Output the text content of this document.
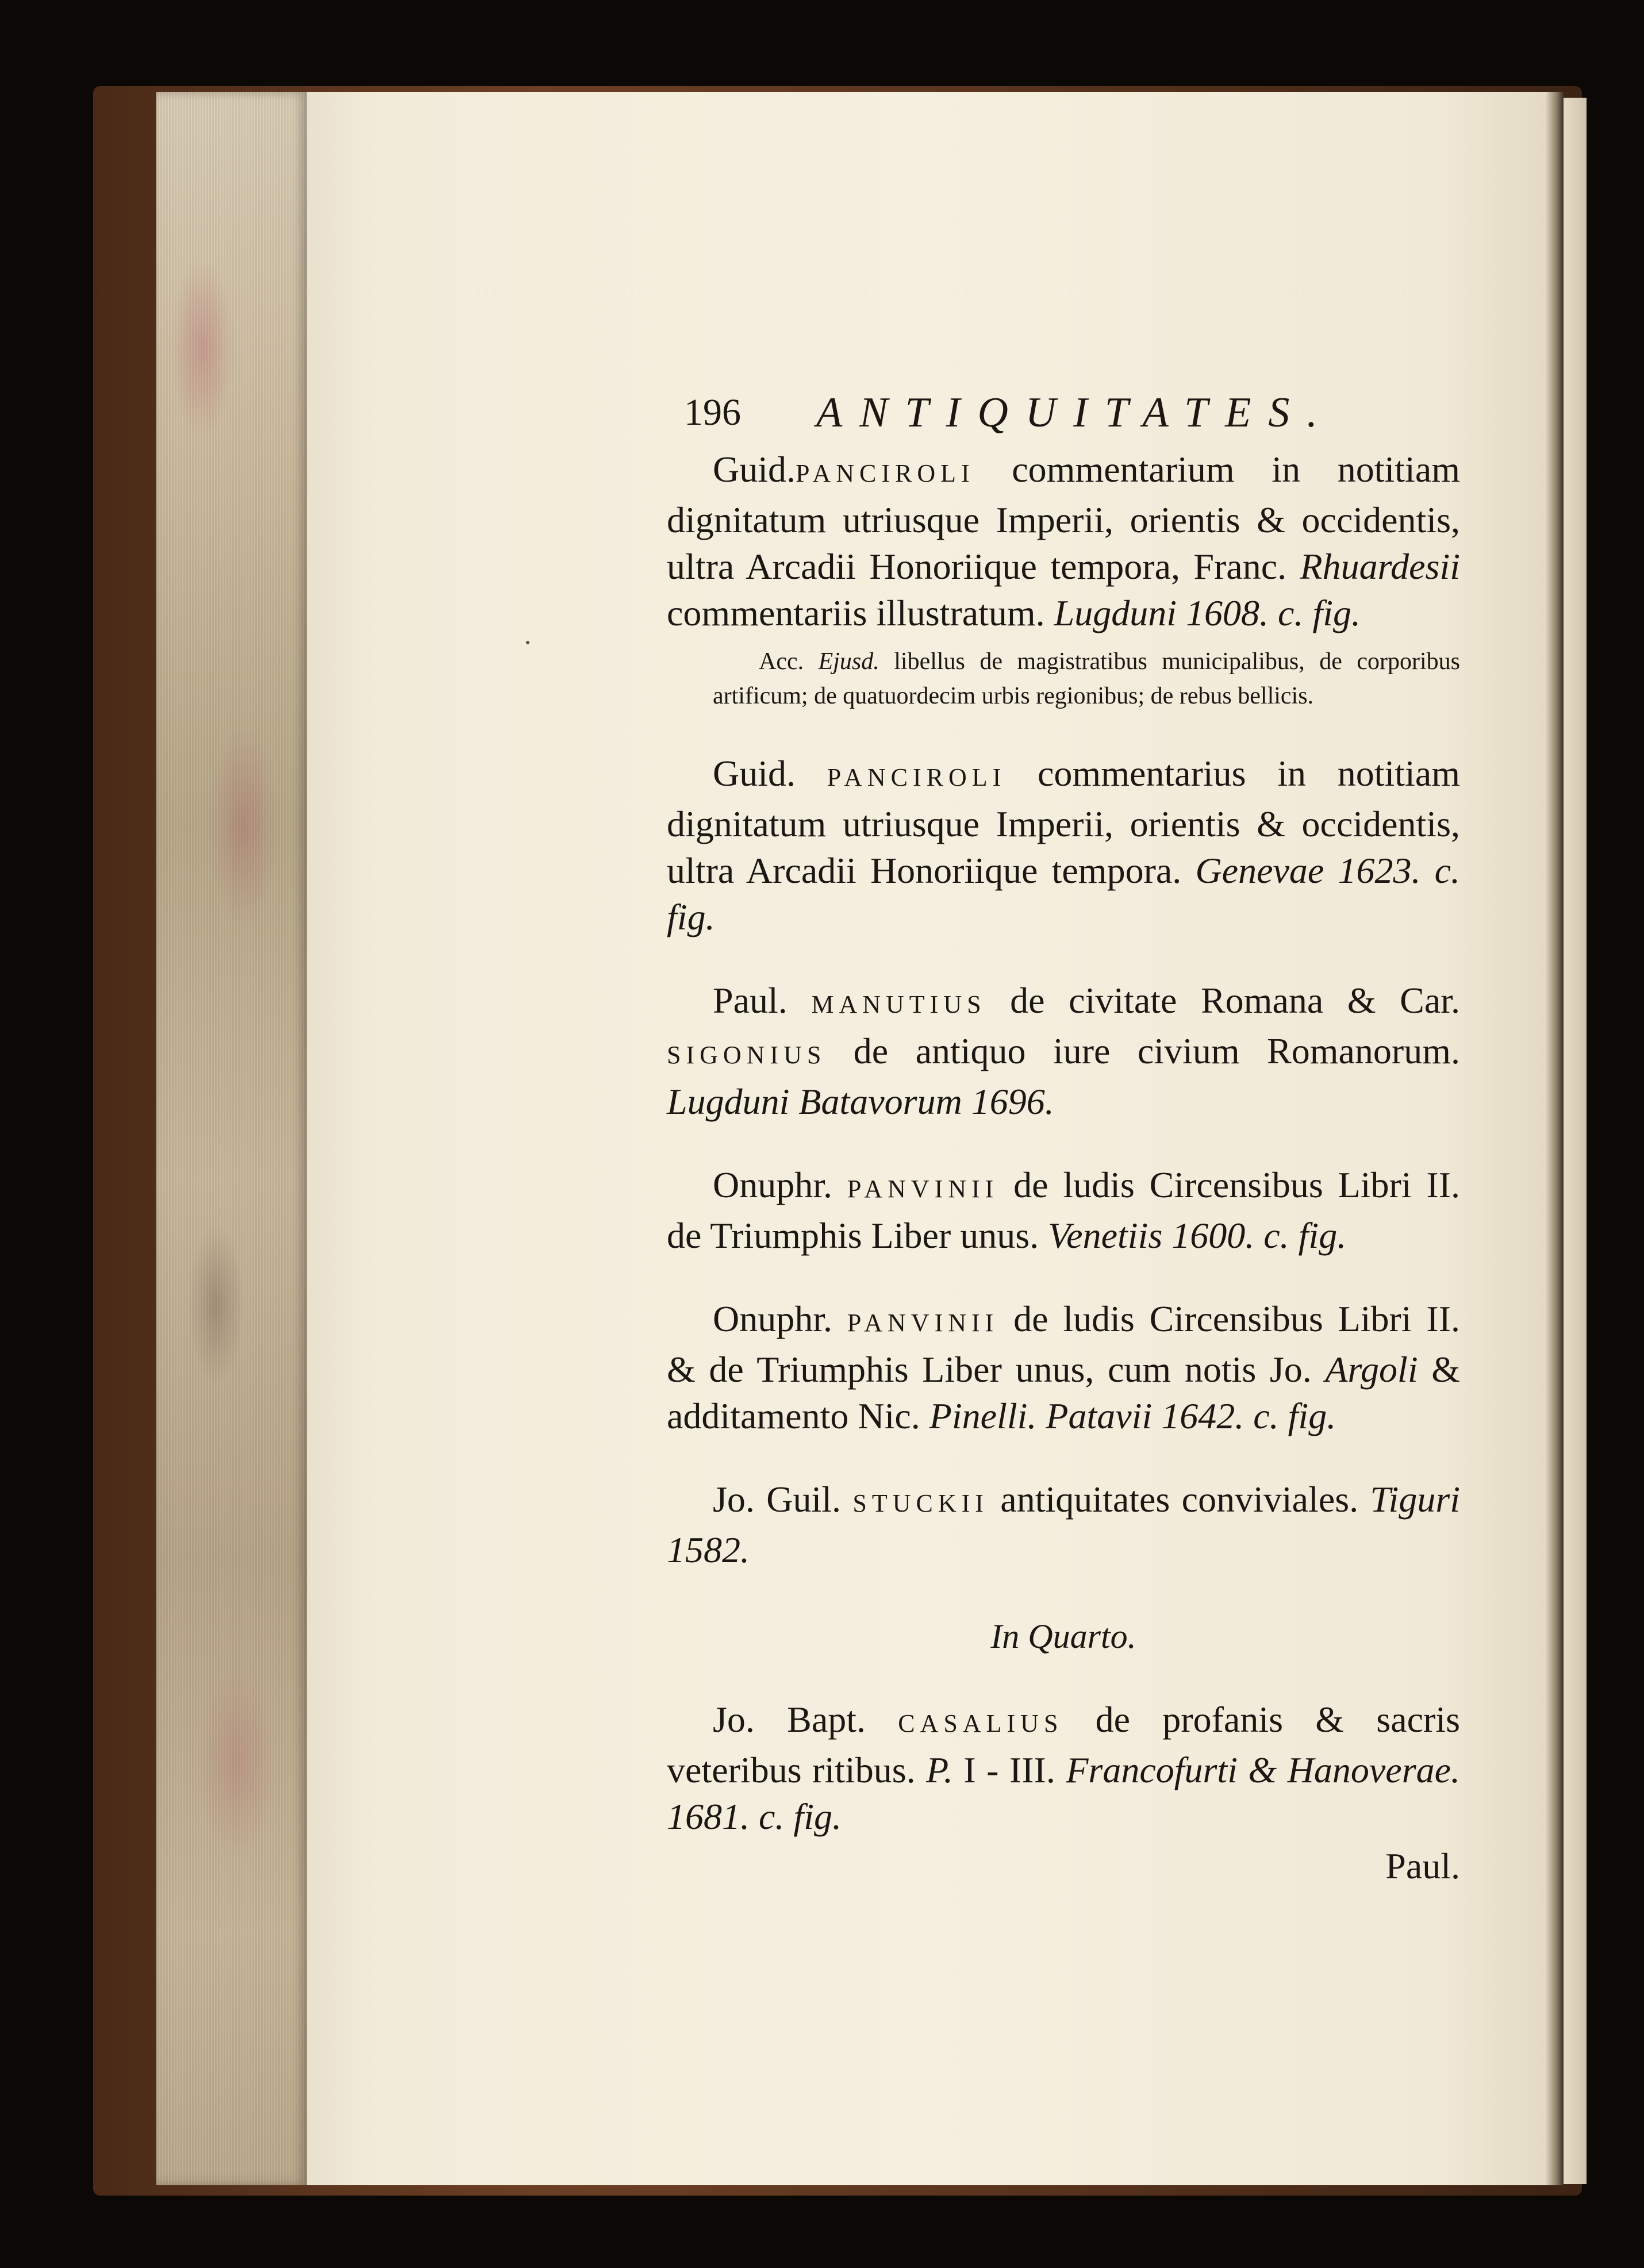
196 ANTIQUITATES.

Guid.PANCIROLI commentarium in notitiam dignitatum utriusque Imperii, orientis & occidentis, ultra Arcadii Honoriique tempora, Franc. Rhuardesii commentariis illustratum. Lugduni 1608. c. fig.

Acc. Ejusd. libellus de magistratibus municipalibus, de corporibus artificum; de quatuordecim urbis regionibus; de rebus bellicis.

Guid. PANCIROLI commentarius in notitiam dignitatum utriusque Imperii, orientis & occidentis, ultra Arcadii Honoriique tempora. Genevae 1623. c. fig.

Paul. MANUTIUS de civitate Romana & Car. SIGONIUS de antiquo iure civium Romanorum. Lugduni Batavorum 1696.

Onuphr. PANVINII de ludis Circensibus Libri II. de Triumphis Liber unus. Venetiis 1600. c. fig.

Onuphr. PANVINII de ludis Circensibus Libri II. & de Triumphis Liber unus, cum notis Jo. Argoli & additamento Nic. Pinelli. Patavii 1642. c. fig.

Jo. Guil. STUCKII antiquitates conviviales. Tiguri 1582.

In Quarto.

Jo. Bapt. CASALIUS de profanis & sacris veteribus ritibus. P. I - III. Francofurti & Hanoverae. 1681. c. fig.

Paul.
